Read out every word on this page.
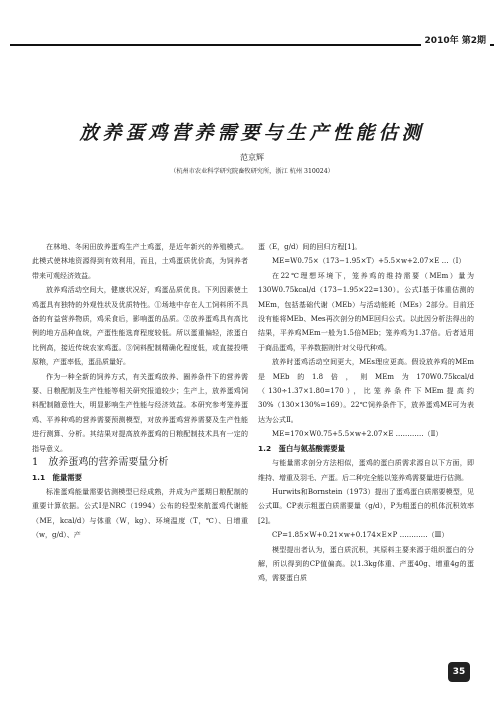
2010年 第2期
放养蛋鸡营养需要与生产性能估测
范京辉
（杭州市农业科学研究院畜牧研究所，浙江 杭州 310024）

在林地、冬闲田放养蛋鸡生产土鸡蛋，是近年新兴的养殖模式。此模式使林地资源得到有效利用，而且，土鸡蛋质优价高，为饲养者带来可观经济效益。

放养鸡活动空间大，健康状况好，鸡蛋品质优良。下列因素使土鸡蛋具有独特的外观性状及优质特性。①场地中存在人工饲料所不具备的有益营养物质，鸡采食后，影响蛋的品质。②放养蛋鸡具有高比例的地方品种血统，产蛋性能选育程度较低。所以蛋重偏轻，浓蛋白比例高，接近传统农家鸡蛋。③饲料配制精确化程度低，或直接投喂原粮，产蛋率低，蛋品质量好。

作为一种全新的饲养方式，有关蛋鸡放养、圈养条件下的营养需要、日粮配制及生产性能等相关研究报道较少；生产上，放养蛋鸡饲料配制随意性大，明显影响生产性能与经济效益。本研究参考笼养蛋鸡、平养种鸡的营养需要预测模型，对放养蛋鸡营养需要及生产性能进行测算、分析。其结果对提高放养蛋鸡的日粮配制技术具有一定的指导意义。

1　放养蛋鸡的营养需要量分析

1.1　能量需要

标准蛋鸡能量需要估测模型已经成熟，并成为产蛋期日粮配制的重要计算依据。公式Ⅰ是NRC（1994）公布的轻型来航蛋鸡代谢能（ME，kcal/d）与体重（W，kg）、环境温度（T，℃）、日增重（w，g/d）、产

蛋（E，g/d）间的回归方程[1]。

ME=W0.75×（173−1.95×T）+5.5×w+2.07×E …（Ⅰ）

在22℃理想环境下，笼养鸡的维持需要（MEm）量为130W0.75kcal/d（173−1.95×22=130）。公式Ⅰ基于体重估测的MEm，包括基础代谢（MEb）与活动能耗（MEs）2部分。目前还没有能将MEb、Mes再次剖分的ME回归公式。以此因分析法得出的结果，平养鸡MEm一般为1.5倍MEb；笼养鸡为1.37倍。后者适用于商品蛋鸡，平养数据则针对父母代种鸡。

放养时蛋鸡活动空间更大，MEs理应更高。假设放养鸡的MEm是MEb的1.8倍，则MEm为170W0.75kcal/d（130÷1.37×1.80=170），比笼养条件下MEm提高约30%（130×130%=169）。22℃饲养条件下，放养蛋鸡ME可为表达为公式Ⅱ。

ME=170×W0.75+5.5×w+2.07×E …………（Ⅱ）

1.2　蛋白与氨基酸需要量

与能量需求剖分方法相似，蛋鸡的蛋白质需求源自以下方面，即维持、增重及羽毛、产蛋。后二种完全能以笼养鸡需要量进行估测。

Hurwits和Bornstein（1973）提出了蛋鸡蛋白质需要模型，见公式Ⅲ。CP表示粗蛋白质需要量（g/d），P为粗蛋白的机体沉积效率[2]。

CP=1.85×W+0.21×w+0.174×E×P …………（Ⅲ）

模型提出者认为，蛋白质沉积，其原料主要来源于组织蛋白的分解，所以得到的CP值偏高。以1.3kg体重、产蛋40g、增重4g的蛋鸡，需要蛋白质

35
